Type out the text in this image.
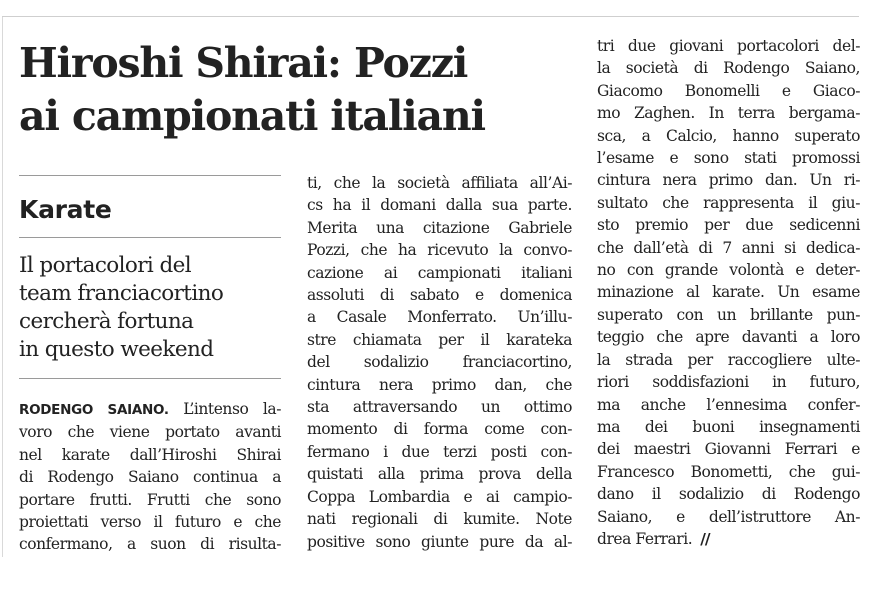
Hiroshi Shirai: Pozzi
ai campionati italiani
Karate

Il portacolori del
team franciacortino
cercherà fortuna
in questo weekend

RODENGO SAIANO. L’intenso la-
voro che viene portato avanti
nel karate dall’Hiroshi Shirai
di Rodengo Saiano continua a
portare frutti. Frutti che sono
proiettati verso il futuro e che
confermano, a suon di risulta-
ti, che la società affiliata all’Ai-
cs ha il domani dalla sua parte.
Merita una citazione Gabriele
Pozzi, che ha ricevuto la convo-
cazione ai campionati italiani
assoluti di sabato e domenica
a Casale Monferrato. Un’illu-
stre chiamata per il karateka
del sodalizio franciacortino,
cintura nera primo dan, che
sta attraversando un ottimo
momento di forma come con-
fermano i due terzi posti con-
quistati alla prima prova della
Coppa Lombardia e ai campio-
nati regionali di kumite. Note
positive sono giunte pure da al-
tri due giovani portacolori del-
la società di Rodengo Saiano,
Giacomo Bonomelli e Giaco-
mo Zaghen. In terra bergama-
sca, a Calcio, hanno superato
l’esame e sono stati promossi
cintura nera primo dan. Un ri-
sultato che rappresenta il giu-
sto premio per due sedicenni
che dall’età di 7 anni si dedica-
no con grande volontà e deter-
minazione al karate. Un esame
superato con un brillante pun-
teggio che apre davanti a loro
la strada per raccogliere ulte-
riori soddisfazioni in futuro,
ma anche l’ennesima confer-
ma dei buoni insegnamenti
dei maestri Giovanni Ferrari e
Francesco Bonometti, che gui-
dano il sodalizio di Rodengo
Saiano, e dell’istruttore An-
drea Ferrari. //
